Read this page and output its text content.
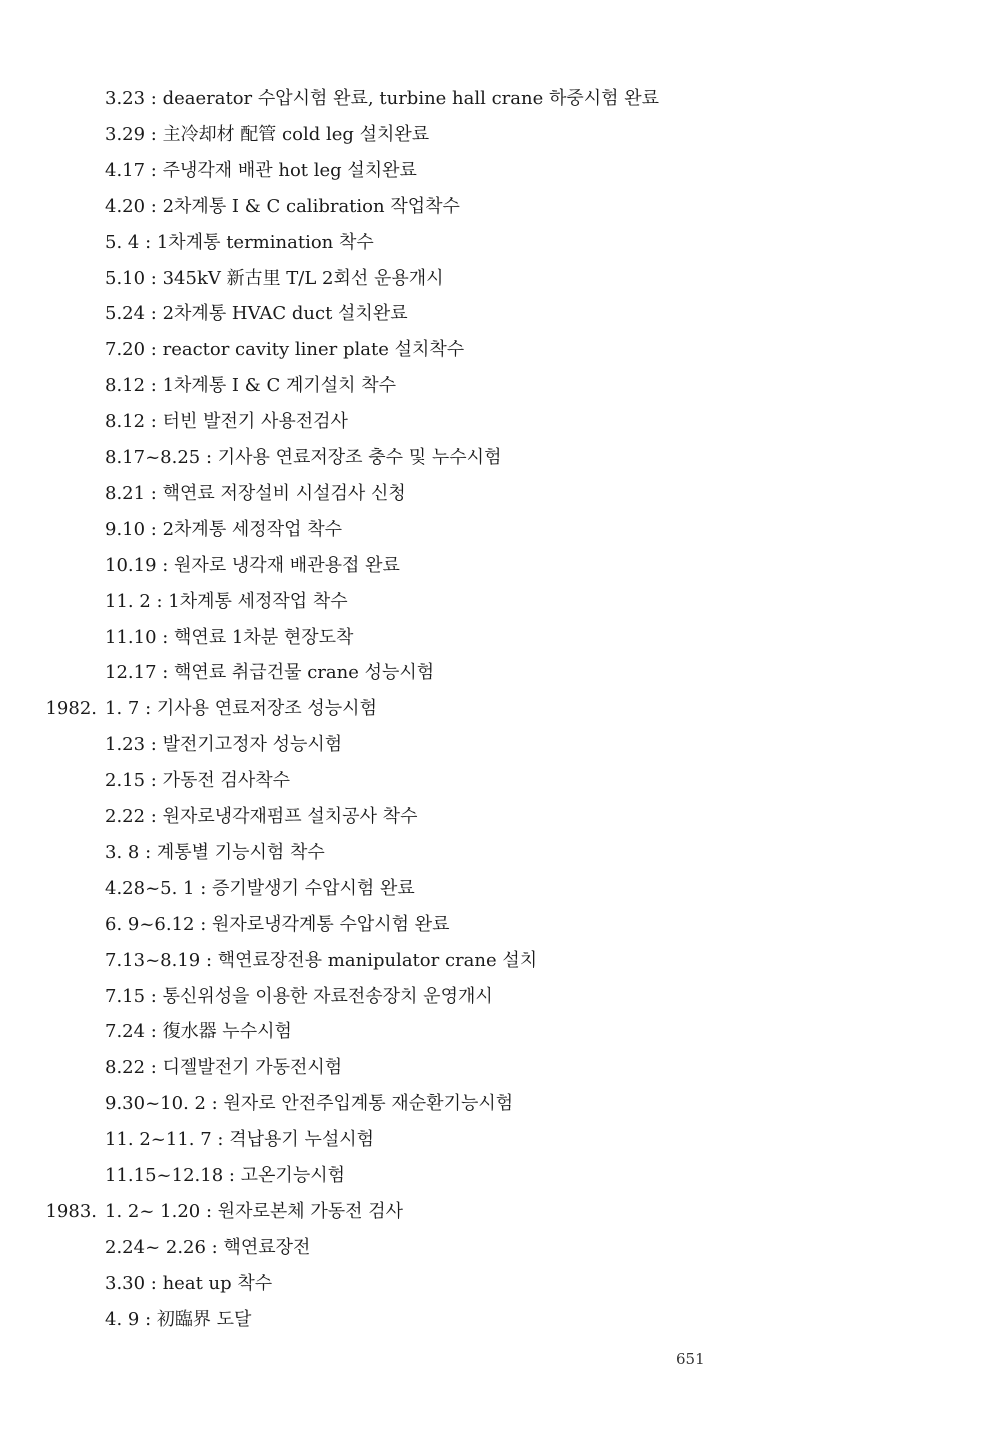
3.23 : deaerator 수압시험 완료, turbine hall crane 하중시험 완료
3.29 : 主冷却材 配管 cold leg 설치완료
4.17 : 주냉각재 배관 hot leg 설치완료
4.20 : 2차계통 I & C calibration 작업착수
5. 4 : 1차계통 termination 착수
5.10 : 345kV 新古里 T/L 2회선 운용개시
5.24 : 2차계통 HVAC duct 설치완료
7.20 : reactor cavity liner plate 설치착수
8.12 : 1차계통 I & C 계기설치 착수
8.12 : 터빈 발전기 사용전검사
8.17~8.25 : 기사용 연료저장조 충수 및 누수시험
8.21 : 핵연료 저장설비 시설검사 신청
9.10 : 2차계통 세정작업 착수
10.19 : 원자로 냉각재 배관용접 완료
11. 2 : 1차계통 세정작업 착수
11.10 : 핵연료 1차분 현장도착
12.17 : 핵연료 취급건물 crane 성능시험
1982. 1. 7 : 기사용 연료저장조 성능시험
1.23 : 발전기고정자 성능시험
2.15 : 가동전 검사착수
2.22 : 원자로냉각재펌프 설치공사 착수
3. 8 : 계통별 기능시험 착수
4.28~5. 1 : 증기발생기 수압시험 완료
6. 9~6.12 : 원자로냉각계통 수압시험 완료
7.13~8.19 : 핵연료장전용 manipulator crane 설치
7.15 : 통신위성을 이용한 자료전송장치 운영개시
7.24 : 復水器 누수시험
8.22 : 디젤발전기 가동전시험
9.30~10. 2 : 원자로 안전주입계통 재순환기능시험
11. 2~11. 7 : 격납용기 누설시험
11.15~12.18 : 고온기능시험
1983. 1. 2~ 1.20 : 원자로본체 가동전 검사
2.24~ 2.26 : 핵연료장전
3.30 : heat up 착수
4. 9 : 初臨界 도달
651
